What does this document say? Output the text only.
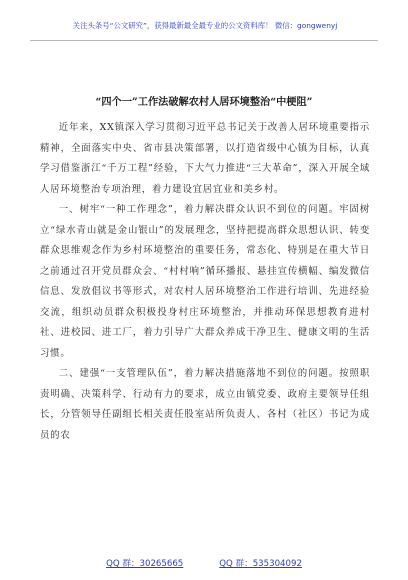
关注头条号“公文研究”，获得最新最全最专业的公文资料库！ 微信：gongwenyj
“四个一”工作法破解农村人居环境整治“中梗阻”

近年来，XX镇深入学习贯彻习近平总书记关于改善人居环境重要指示精神，全面落实中央、省市县决策部署，以打造省级中心镇为目标，认真学习借鉴浙江“千万工程”经验，下大气力推进“三大革命”，深入开展全域人居环境整治专项治理，着力建设宜居宜业和美乡村。

一、树牢“一种工作理念”，着力解决群众认识不到位的问题。牢固树立“绿水青山就是金山银山”的发展理念，坚持把提高群众思想认识、转变群众思维观念作为乡村环境整治的重要任务，常态化、特别是在重大节日之前通过召开党员群众会、“村村响”循环播报、悬挂宣传横幅、编发微信信息、发放倡议书等形式，对农村人居环境整治工作进行培训、先进经验交流，组织动员群众积极投身村庄环境整治，并推动环保思想教育进村社、进校园、进工厂，着力引导广大群众养成干净卫生、健康文明的生活习惯。

二、建强“一支管理队伍”，着力解决措施落地不到位的问题。按照职责明确、决策科学、行动有力的要求，成立由镇党委、政府主要领导任组长，分管领导任副组长相关责任股室站所负责人、各村（社区）书记为成员的农

QQ 群：30265665	QQ 群：535304092
